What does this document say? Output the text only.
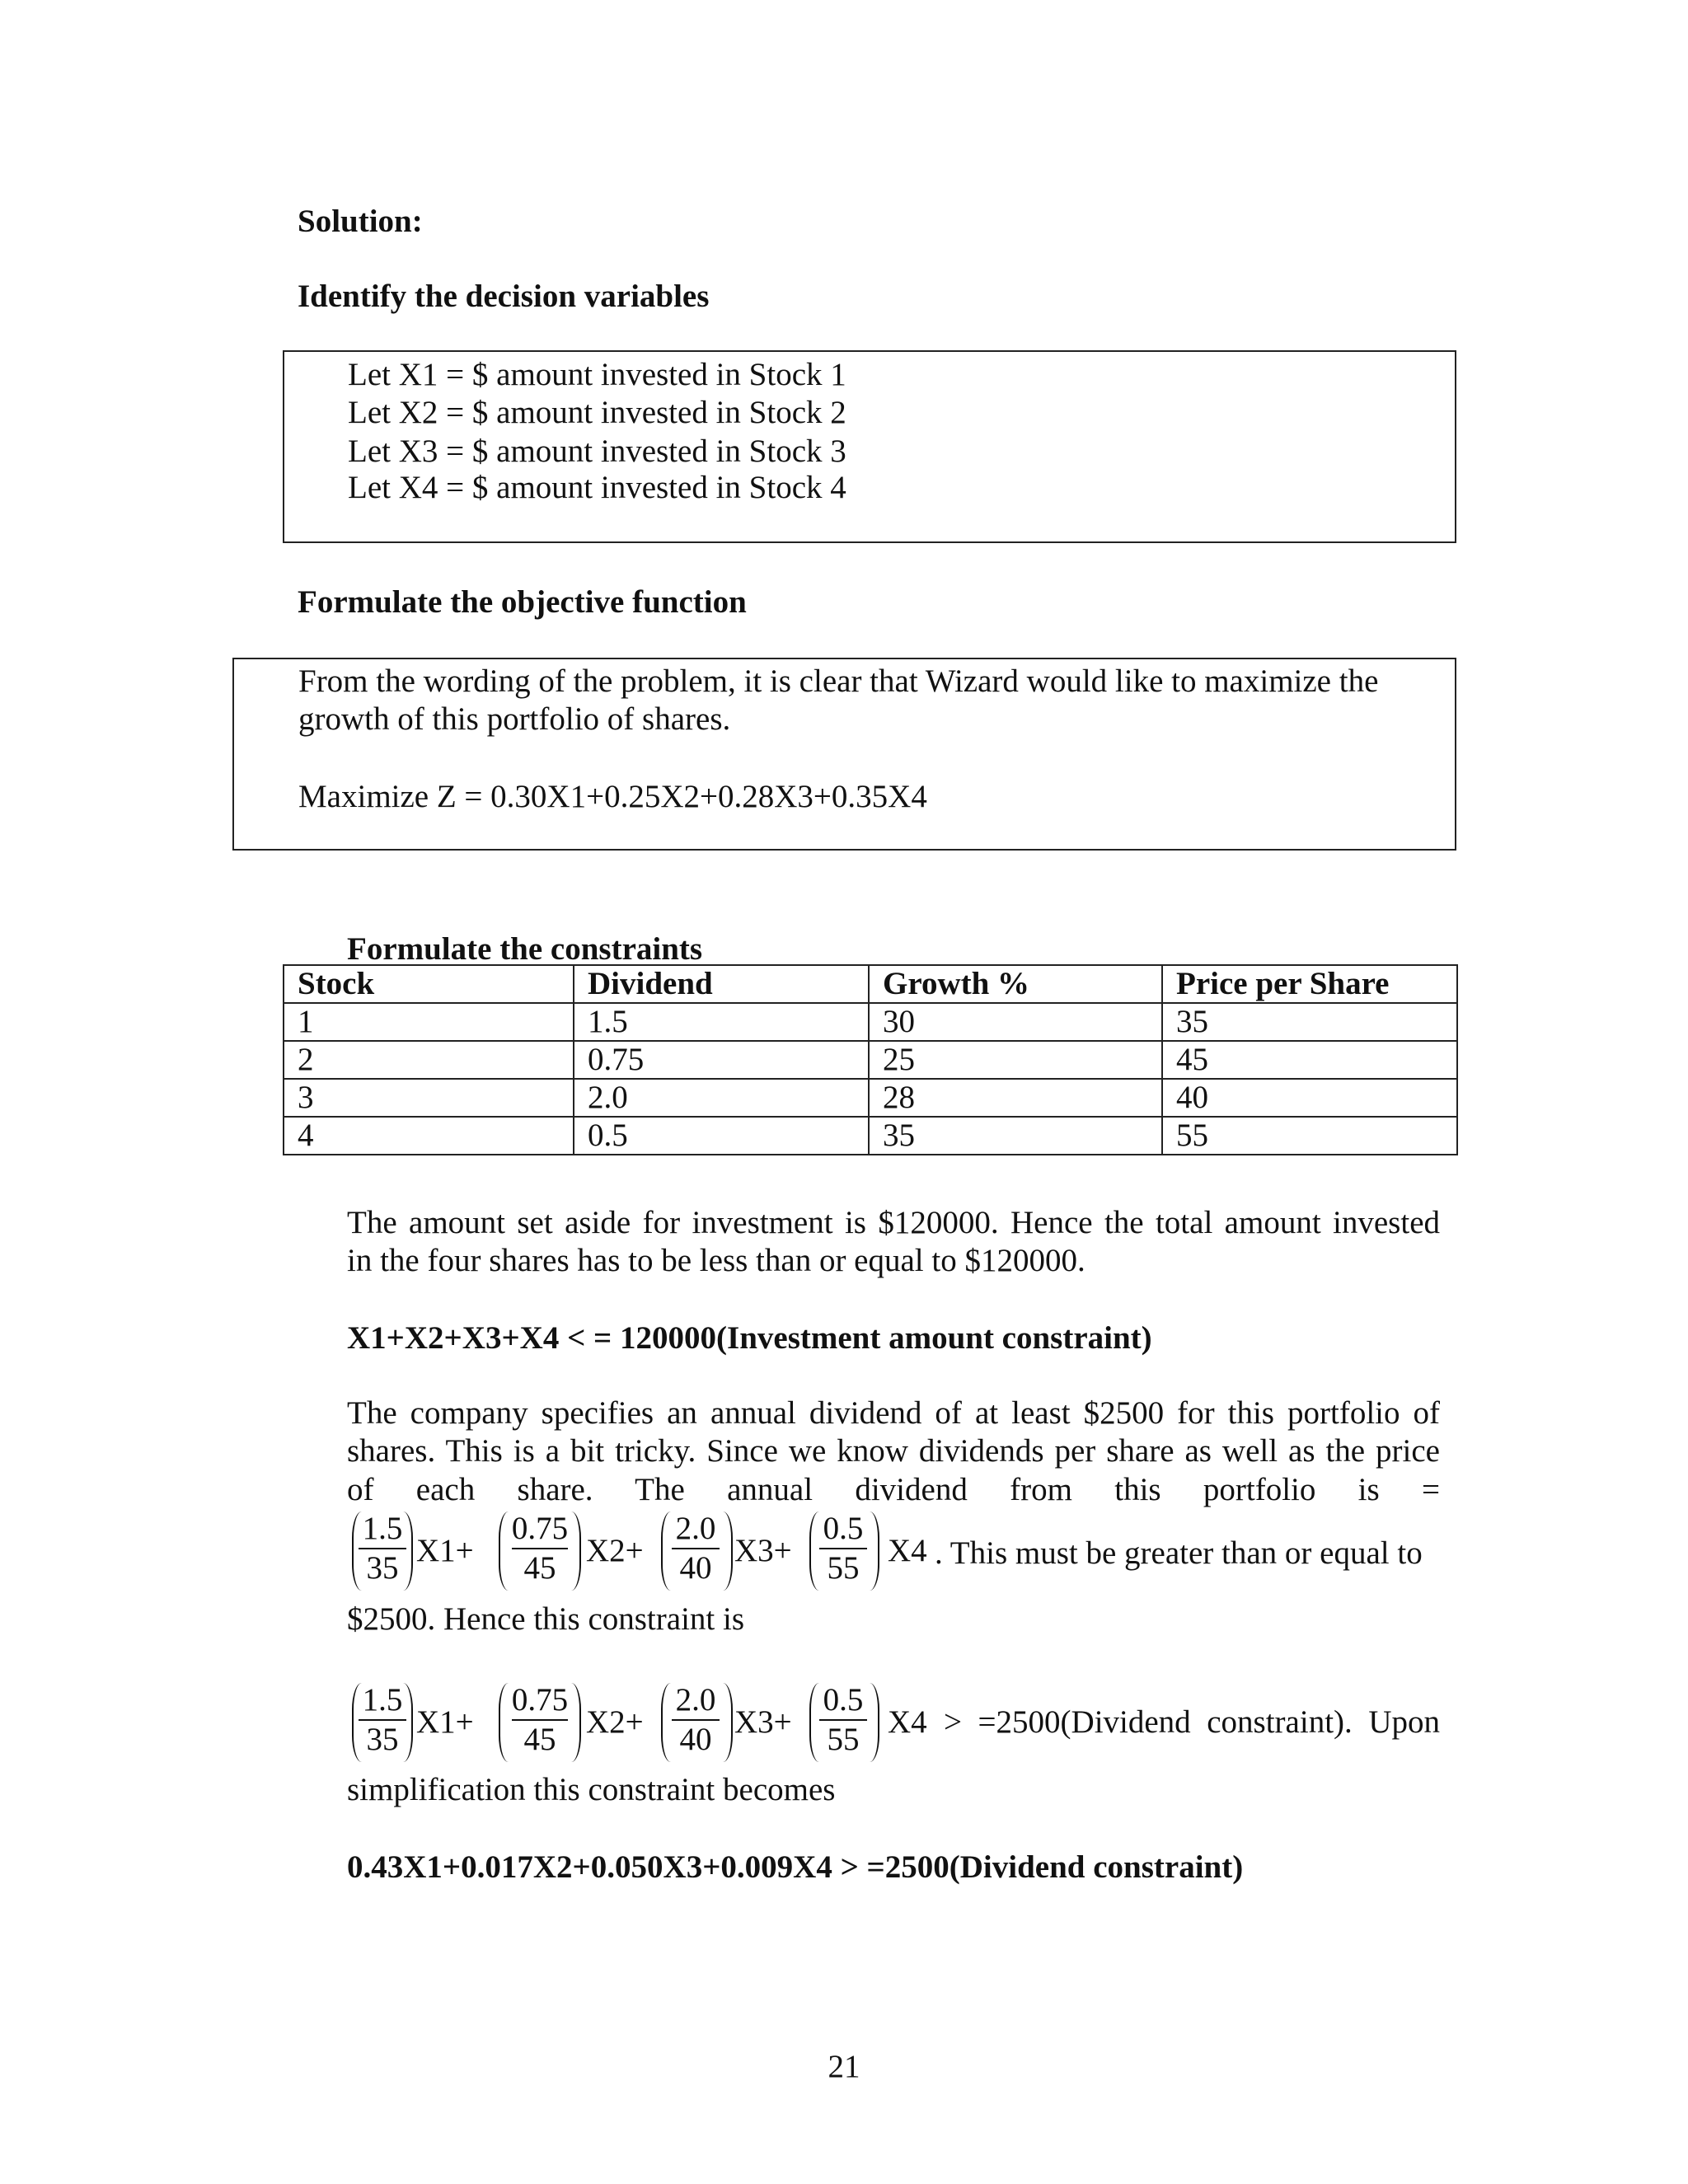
Solution:
Identify the decision variables
Let X1 = $ amount invested in Stock 1
Let X2 = $ amount invested in Stock 2
Let X3 = $ amount invested in Stock 3
Let X4 = $ amount invested in Stock 4
Formulate the objective function
From the wording of the problem, it is clear that Wizard would like to maximize the
growth of this portfolio of shares.
Maximize Z = 0.30X1+0.25X2+0.28X3+0.35X4
Formulate the constraints
Stock	Dividend	Growth %	Price per Share
1	1.5	30	35
2	0.75	25	45
3	2.0	28	40
4	0.5	35	55
The amount set aside for investment is $120000. Hence the total amount invested
in the four shares has to be less than or equal to $120000.
X1+X2+X3+X4 < = 120000(Investment amount constraint)
The company specifies an annual dividend of at least $2500 for this portfolio of
shares. This is a bit tricky. Since we know dividends per share as well as the price
of each share. The annual dividend from this portfolio is =
1.5
35 X1+
0.75
45 X2+
2.0
40 X3+
0.5
55 X4 . This must be greater than or equal to
$2500. Hence this constraint is
1.5
35 X1+
0.75
45 X2+
2.0
40 X3+
0.5
55 X4 > =2500(Dividend constraint). Upon
simplification this constraint becomes
0.43X1+0.017X2+0.050X3+0.009X4 > =2500(Dividend constraint)
21
